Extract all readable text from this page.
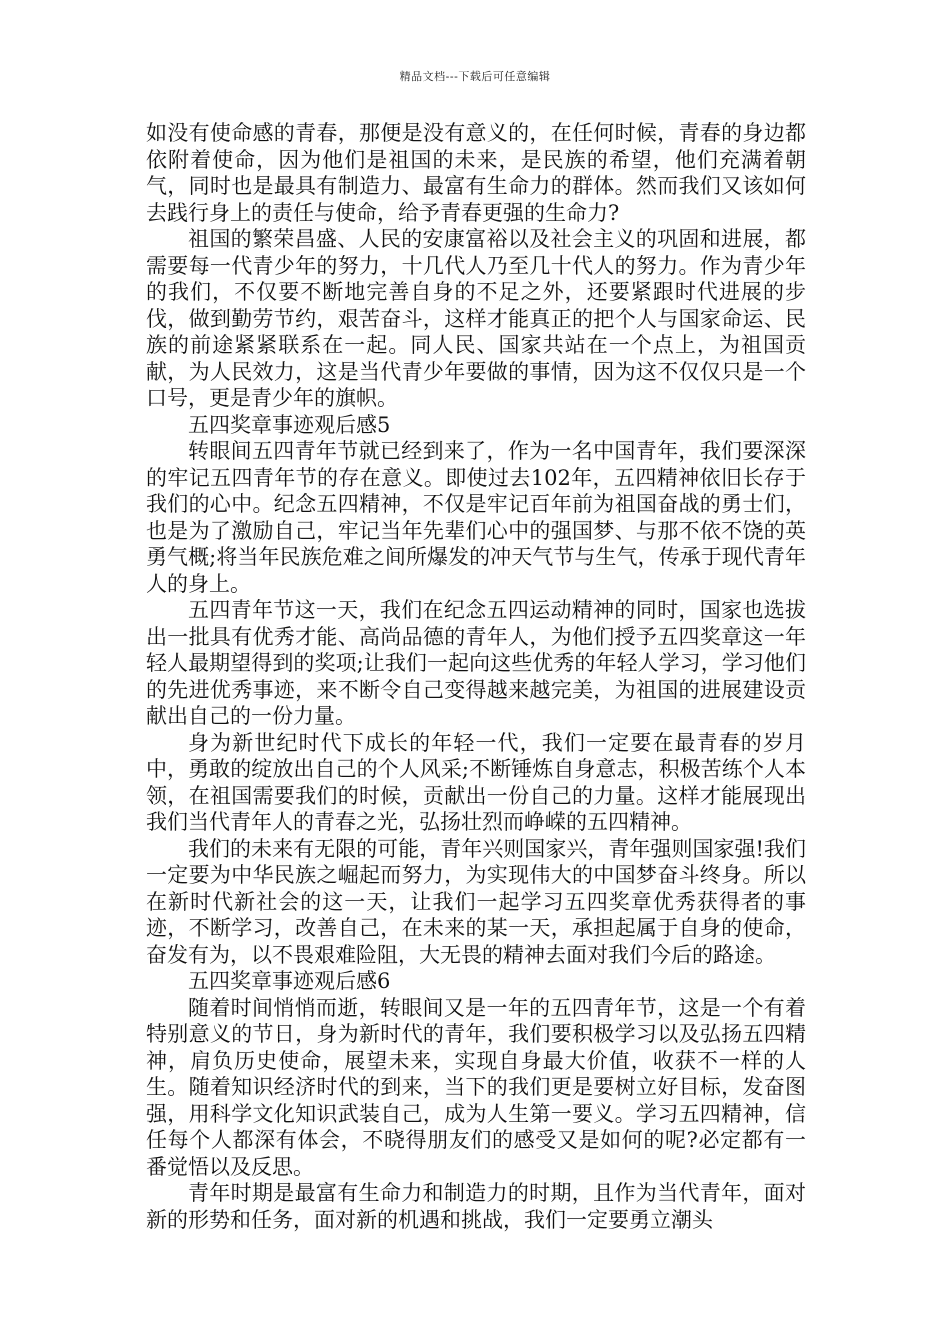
精品文档---下载后可任意编辑

如没有使命感的青春，那便是没有意义的，在任何时候，青春的身边都依附着使命，因为他们是祖国的未来，是民族的希望，他们充满着朝气，同时也是最具有制造力、最富有生命力的群体。然而我们又该如何去践行身上的责任与使命，给予青春更强的生命力?

祖国的繁荣昌盛、人民的安康富裕以及社会主义的巩固和进展，都需要每一代青少年的努力，十几代人乃至几十代人的努力。作为青少年的我们，不仅要不断地完善自身的不足之外，还要紧跟时代进展的步伐，做到勤劳节约，艰苦奋斗，这样才能真正的把个人与国家命运、民族的前途紧紧联系在一起。同人民、国家共站在一个点上，为祖国贡献，为人民效力，这是当代青少年要做的事情，因为这不仅仅只是一个口号，更是青少年的旗帜。

五四奖章事迹观后感5

转眼间五四青年节就已经到来了，作为一名中国青年，我们要深深的牢记五四青年节的存在意义。即使过去102年，五四精神依旧长存于我们的心中。纪念五四精神，不仅是牢记百年前为祖国奋战的勇士们，也是为了激励自己，牢记当年先辈们心中的强国梦、与那不依不饶的英勇气概;将当年民族危难之间所爆发的冲天气节与生气，传承于现代青年人的身上。

五四青年节这一天，我们在纪念五四运动精神的同时，国家也选拔出一批具有优秀才能、高尚品德的青年人，为他们授予五四奖章这一年轻人最期望得到的奖项;让我们一起向这些优秀的年轻人学习，学习他们的先进优秀事迹，来不断令自己变得越来越完美，为祖国的进展建设贡献出自己的一份力量。

身为新世纪时代下成长的年轻一代，我们一定要在最青春的岁月中，勇敢的绽放出自己的个人风采;不断锤炼自身意志，积极苦练个人本领，在祖国需要我们的时候，贡献出一份自己的力量。这样才能展现出我们当代青年人的青春之光，弘扬壮烈而峥嵘的五四精神。

我们的未来有无限的可能，青年兴则国家兴，青年强则国家强!我们一定要为中华民族之崛起而努力，为实现伟大的中国梦奋斗终身。所以在新时代新社会的这一天，让我们一起学习五四奖章优秀获得者的事迹，不断学习，改善自己，在未来的某一天，承担起属于自身的使命，奋发有为，以不畏艰难险阻，大无畏的精神去面对我们今后的路途。

五四奖章事迹观后感6

随着时间悄悄而逝，转眼间又是一年的五四青年节，这是一个有着特别意义的节日，身为新时代的青年，我们要积极学习以及弘扬五四精神，肩负历史使命，展望未来，实现自身最大价值，收获不一样的人生。随着知识经济时代的到来，当下的我们更是要树立好目标，发奋图强，用科学文化知识武装自己，成为人生第一要义。学习五四精神，信任每个人都深有体会，不晓得朋友们的感受又是如何的呢?必定都有一番觉悟以及反思。

青年时期是最富有生命力和制造力的时期，且作为当代青年，面对新的形势和任务，面对新的机遇和挑战，我们一定要勇立潮头
